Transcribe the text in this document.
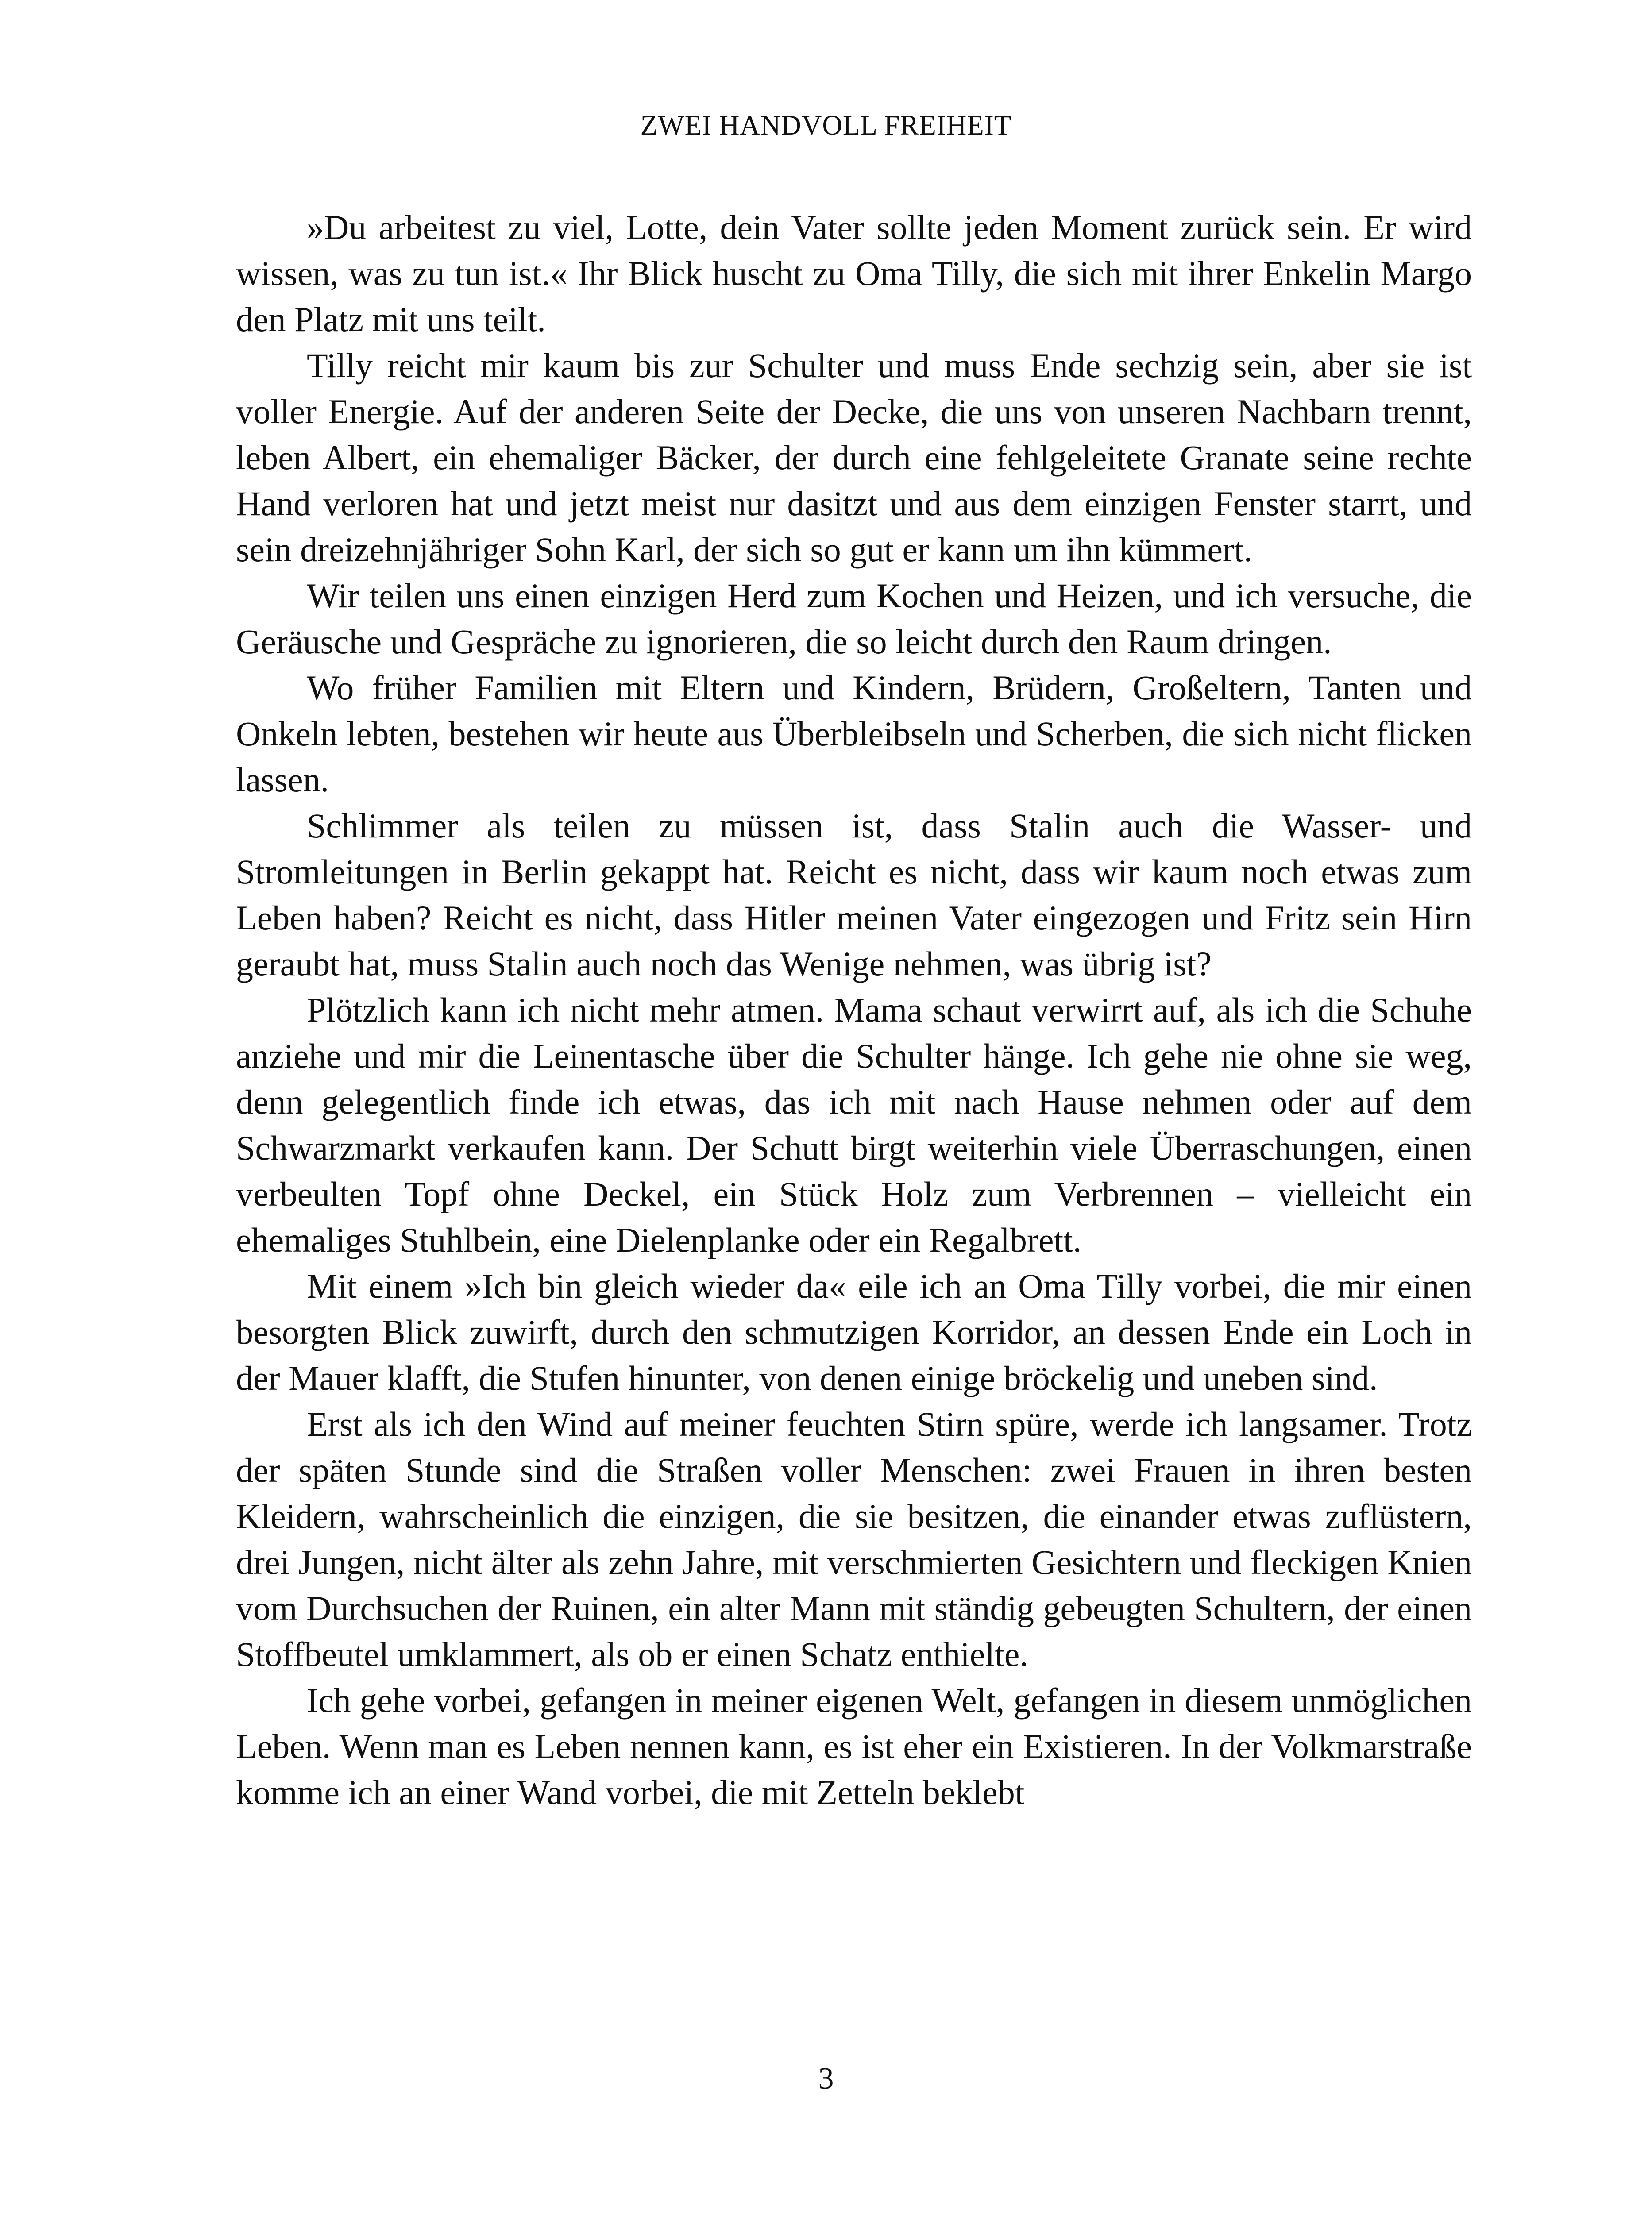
ZWEI HANDVOLL FREIHEIT

»Du arbeitest zu viel, Lotte, dein Vater sollte jeden Moment zurück sein. Er wird wissen, was zu tun ist.« Ihr Blick huscht zu Oma Tilly, die sich mit ihrer Enkelin Margo den Platz mit uns teilt.

Tilly reicht mir kaum bis zur Schulter und muss Ende sechzig sein, aber sie ist voller Energie. Auf der anderen Seite der Decke, die uns von unseren Nachbarn trennt, leben Albert, ein ehemaliger Bäcker, der durch eine fehlgeleitete Granate seine rechte Hand verloren hat und jetzt meist nur dasitzt und aus dem einzigen Fenster starrt, und sein dreizehnjähriger Sohn Karl, der sich so gut er kann um ihn kümmert.

Wir teilen uns einen einzigen Herd zum Kochen und Heizen, und ich versuche, die Geräusche und Gespräche zu ignorieren, die so leicht durch den Raum dringen.

Wo früher Familien mit Eltern und Kindern, Brüdern, Großeltern, Tanten und Onkeln lebten, bestehen wir heute aus Überbleibseln und Scherben, die sich nicht flicken lassen.

Schlimmer als teilen zu müssen ist, dass Stalin auch die Wasser- und Stromleitungen in Berlin gekappt hat. Reicht es nicht, dass wir kaum noch etwas zum Leben haben? Reicht es nicht, dass Hitler meinen Vater eingezogen und Fritz sein Hirn geraubt hat, muss Stalin auch noch das Wenige nehmen, was übrig ist?

Plötzlich kann ich nicht mehr atmen. Mama schaut verwirrt auf, als ich die Schuhe anziehe und mir die Leinentasche über die Schulter hänge. Ich gehe nie ohne sie weg, denn gelegentlich finde ich etwas, das ich mit nach Hause nehmen oder auf dem Schwarzmarkt verkaufen kann. Der Schutt birgt weiterhin viele Überraschungen, einen verbeulten Topf ohne Deckel, ein Stück Holz zum Verbrennen – vielleicht ein ehemaliges Stuhlbein, eine Dielenplanke oder ein Regalbrett.

Mit einem »Ich bin gleich wieder da« eile ich an Oma Tilly vorbei, die mir einen besorgten Blick zuwirft, durch den schmutzigen Korridor, an dessen Ende ein Loch in der Mauer klafft, die Stufen hinunter, von denen einige bröckelig und uneben sind.

Erst als ich den Wind auf meiner feuchten Stirn spüre, werde ich langsamer. Trotz der späten Stunde sind die Straßen voller Menschen: zwei Frauen in ihren besten Kleidern, wahrscheinlich die einzigen, die sie besitzen, die einander etwas zuflüstern, drei Jungen, nicht älter als zehn Jahre, mit verschmierten Gesichtern und fleckigen Knien vom Durchsuchen der Ruinen, ein alter Mann mit ständig gebeugten Schultern, der einen Stoffbeutel umklammert, als ob er einen Schatz enthielte.

Ich gehe vorbei, gefangen in meiner eigenen Welt, gefangen in diesem unmöglichen Leben. Wenn man es Leben nennen kann, es ist eher ein Existieren. In der Volkmarstraße komme ich an einer Wand vorbei, die mit Zetteln beklebt

3
